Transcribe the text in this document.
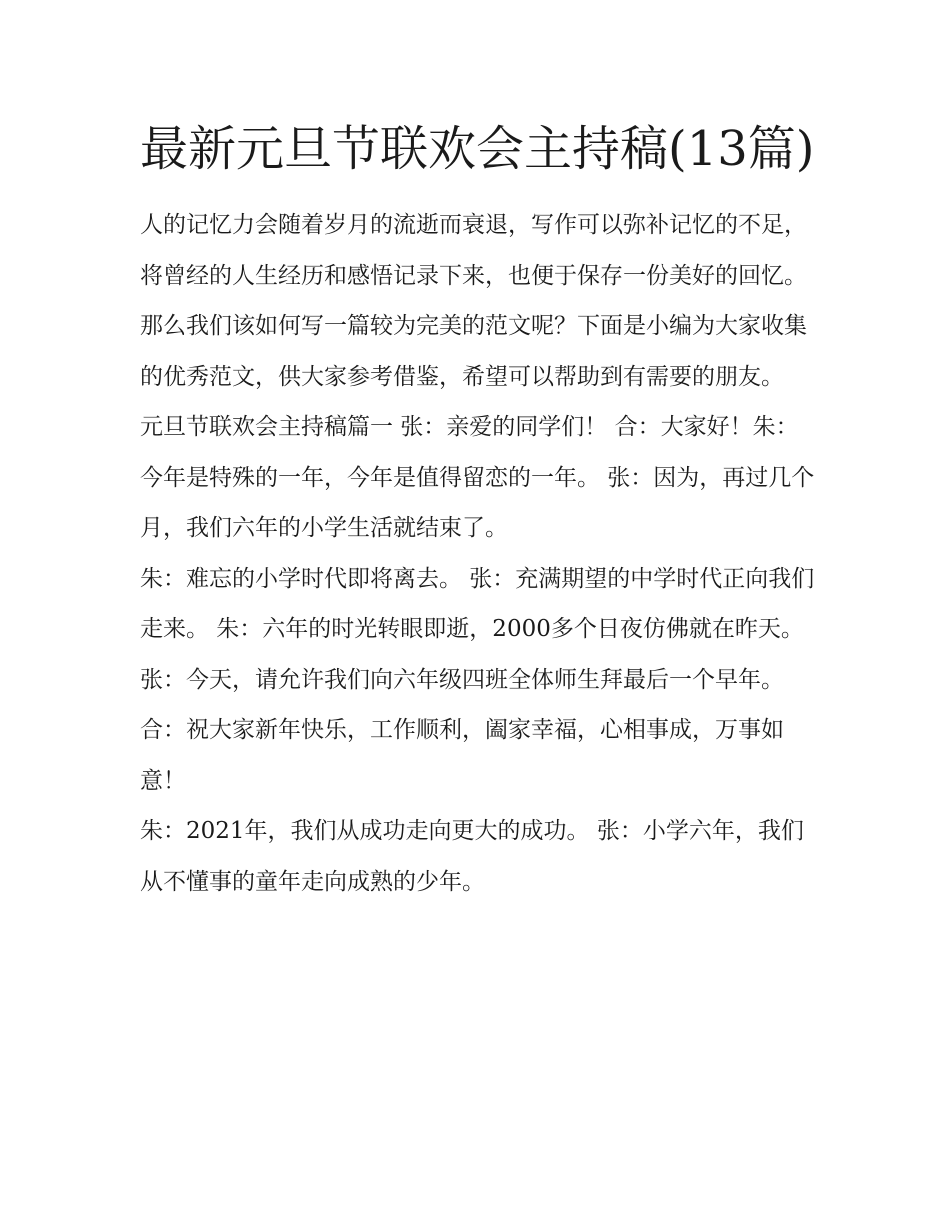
最新元旦节联欢会主持稿(13篇)

人的记忆力会随着岁月的流逝而衰退，写作可以弥补记忆的不足，将曾经的人生经历和感悟记录下来，也便于保存一份美好的回忆。那么我们该如何写一篇较为完美的范文呢？下面是小编为大家收集的优秀范文，供大家参考借鉴，希望可以帮助到有需要的朋友。

元旦节联欢会主持稿篇一 张：亲爱的同学们！ 合：大家好！朱：今年是特殊的一年，今年是值得留恋的一年。 张：因为，再过几个月，我们六年的小学生活就结束了。

朱：难忘的小学时代即将离去。 张：充满期望的中学时代正向我们走来。 朱：六年的时光转眼即逝，2000多个日夜仿佛就在昨天。

张：今天，请允许我们向六年级四班全体师生拜最后一个早年。 合：祝大家新年快乐，工作顺利，阖家幸福，心相事成，万事如意！

朱：2021年，我们从成功走向更大的成功。 张：小学六年，我们从不懂事的童年走向成熟的少年。
